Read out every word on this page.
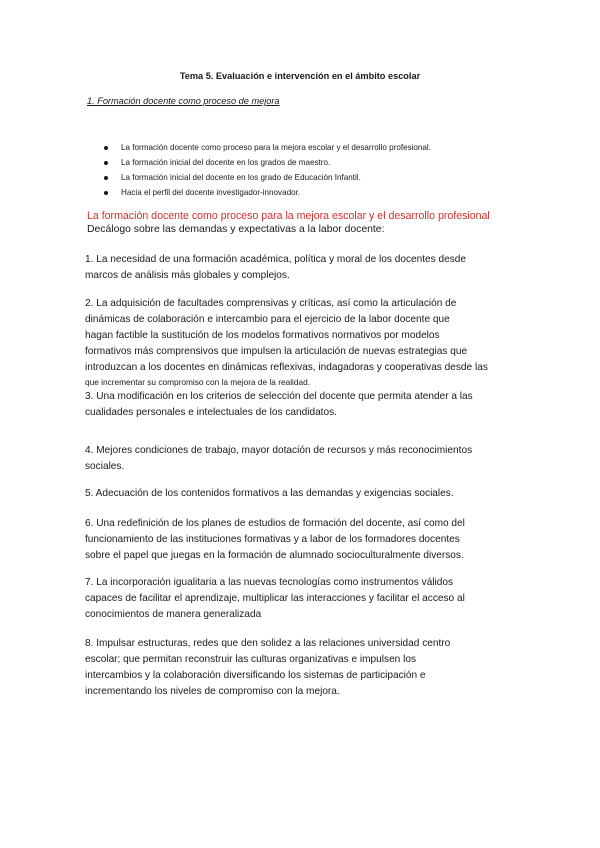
Tema 5. Evaluación e intervención en el ámbito escolar
1. Formación docente como proceso de mejora
La formación docente como proceso para la mejora escolar y el desarrollo profesional.
La formación inicial del docente en los grados de maestro.
La formación inicial del docente en los grado de Educación Infantil.
Hacia el perfil del docente investigador-innovador.
La formación docente como proceso para la mejora escolar y el desarrollo profesional
Decálogo sobre las demandas y expectativas a la labor docente:
1. La necesidad de una formación académica, política y moral de los docentes desde
marcos de análisis más globales y complejos.
2. La adquisición de facultades comprensivas y críticas, así como la articulación de
dinámicas de colaboración e intercambio para el ejercicio de la labor docente que
hagan factible la sustitución de los modelos formativos normativos por modelos
formativos más comprensivos que impulsen la articulación de nuevas estrategias que
introduzcan a los docentes en dinámicas reflexivas, indagadoras y cooperativas desde las
que incrementar su compromiso con la mejora de la realidad.
3. Una modificación en los criterios de selección del docente que permita atender a las
cualidades personales e intelectuales de los candidatos.
4. Mejores condiciones de trabajo, mayor dotación de recursos y más reconocimientos
sociales.
5. Adecuación de los contenidos formativos a las demandas y exigencias sociales.
6. Una redefinición de los planes de estudios de formación del docente, así como del
funcionamiento de las instituciones formativas y a labor de los formadores docentes
sobre el papel que juegas en la formación de alumnado socioculturalmente diversos.
7. La incorporación igualitaria a las nuevas tecnologías como instrumentos válidos
capaces de facilitar el aprendizaje, multiplicar las interacciones y facilitar el acceso al
conocimientos de manera generalizada
8. Impulsar estructuras, redes que den solidez a las relaciones universidad centro
escolar; que permitan reconstruir las culturas organizativas e impulsen los
intercambios y la colaboración diversificando los sistemas de participación e
incrementando los niveles de compromiso con la mejora.
